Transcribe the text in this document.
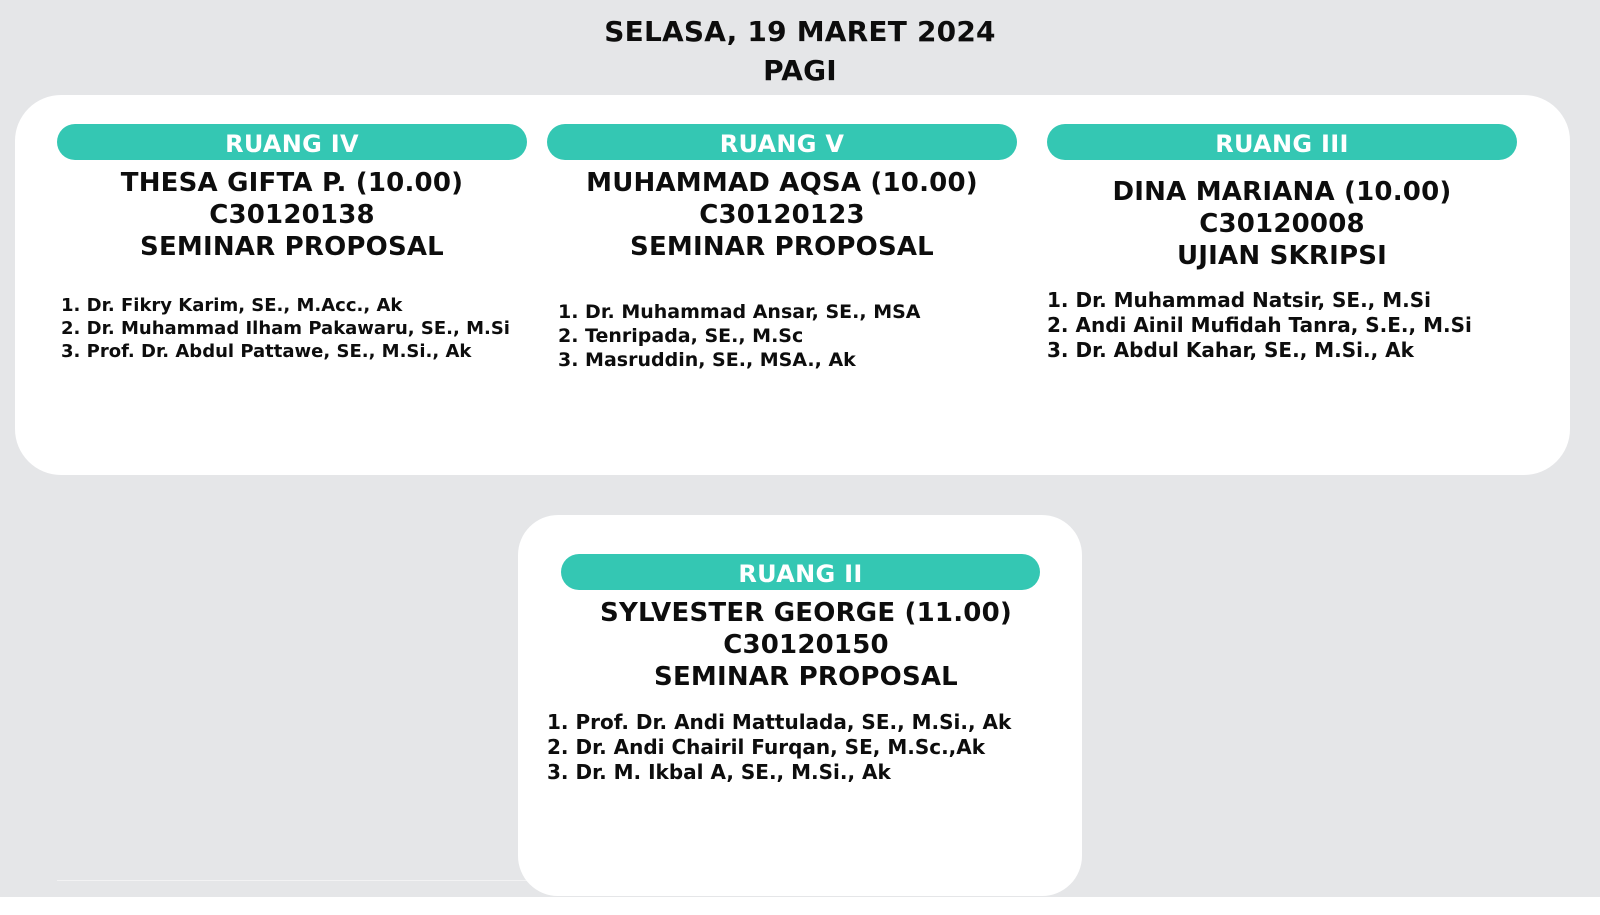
SELASA, 19 MARET 2024
PAGI
RUANG IV
THESA GIFTA P. (10.00)
C30120138
SEMINAR PROPOSAL
1. Dr. Fikry Karim, SE., M.Acc., Ak
2. Dr. Muhammad Ilham Pakawaru, SE., M.Si
3. Prof. Dr. Abdul Pattawe, SE., M.Si., Ak
RUANG V
MUHAMMAD AQSA (10.00)
C30120123
SEMINAR PROPOSAL
1. Dr. Muhammad Ansar, SE., MSA
2. Tenripada, SE., M.Sc
3. Masruddin, SE., MSA., Ak
RUANG III
DINA MARIANA (10.00)
C30120008
UJIAN SKRIPSI
1. Dr. Muhammad Natsir, SE., M.Si
2. Andi Ainil Mufidah Tanra, S.E., M.Si
3. Dr. Abdul Kahar, SE., M.Si., Ak
RUANG II
SYLVESTER GEORGE (11.00)
C30120150
SEMINAR PROPOSAL
1. Prof. Dr. Andi Mattulada, SE., M.Si., Ak
2. Dr. Andi Chairil Furqan, SE, M.Sc.,Ak
3. Dr. M. Ikbal A, SE., M.Si., Ak
